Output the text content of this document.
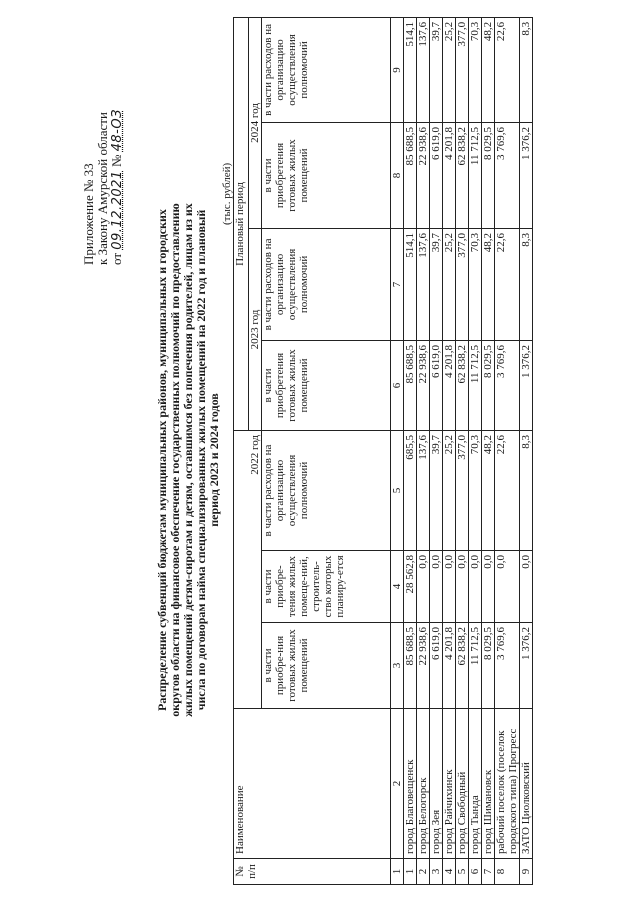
Приложение № 33 к Закону Амурской области от 09.12.2021 № 48-ОЗ
Распределение субвенций бюджетам муниципальных районов, муниципальных и городских округов области на финансовое обеспечение государственных полномочий по предоставлению жилых помещений детям-сиротам и детям, оставшимся без попечения родителей, лицам из их числа по договорам найма специализированных жилых помещений на 2022 год и плановый период 2023 и 2024 годов
(тыс. рублей)
№ п/п	Наименование	2022 год			Плановый период			
					2023 год		2024 год	
		в части приобре-ния готовых жилых помещений	в части приобре-тения жилых помеще-ний, строитель-ство которых планиру-ется	в части расходов на организацию осуществления полномочий	в части приобретения готовых жилых помещений	в части расходов на организацию осуществления полномочий	в части приобретения готовых жилых помещений	в части расходов на организацию осуществления полномочий
1	2	3	4	5	6	7	8	9
1	город Благовещенск	85 688,5	28 562,8	685,5	85 688,5	514,1	85 688,5	514,1
2	город Белогорск	22 938,6	0,0	137,6	22 938,6	137,6	22 938,6	137,6
3	город Зея	6 619,0	0,0	39,7	6 619,0	39,7	6 619,0	39,7
4	город Райчихинск	4 201,8	0,0	25,2	4 201,8	25,2	4 201,8	25,2
5	город Свободный	62 838,2	0,0	377,0	62 838,2	377,0	62 838,2	377,0
6	город Тында	11 712,5	0,0	70,3	11 712,5	70,3	11 712,5	70,3
7	город Шимановск	8 029,5	0,0	48,2	8 029,5	48,2	8 029,5	48,2
8	рабочий поселок (поселок городского типа) Прогресс	3 769,6	0,0	22,6	3 769,6	22,6	3 769,6	22,6
9	ЗАТО Циолковский	1 376,2	0,0	8,3	1 376,2	8,3	1 376,2	8,3
